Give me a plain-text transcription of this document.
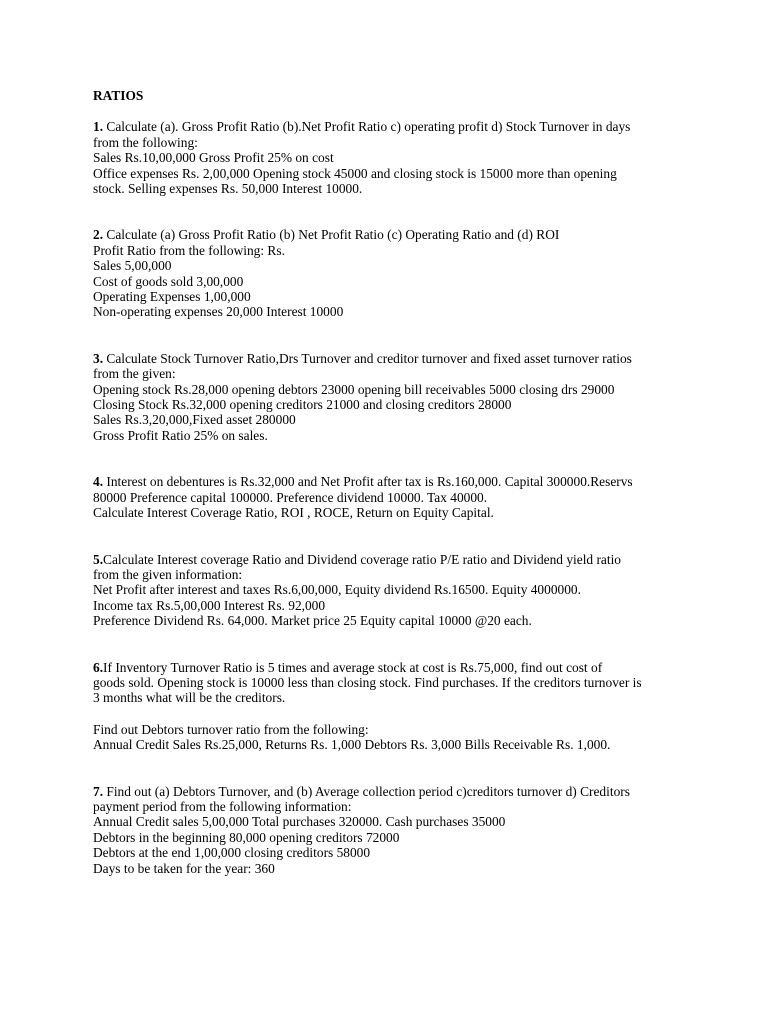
RATIOS

1. Calculate (a). Gross Profit Ratio (b).Net Profit Ratio c) operating profit d) Stock Turnover in days
from the following:
Sales Rs.10,00,000 Gross Profit 25% on cost
Office expenses Rs. 2,00,000 Opening stock 45000 and closing stock is 15000 more than opening
stock. Selling expenses Rs. 50,000 Interest 10000.
2. Calculate (a) Gross Profit Ratio (b) Net Profit Ratio (c) Operating Ratio and (d) ROI
Profit Ratio from the following: Rs.
Sales 5,00,000
Cost of goods sold 3,00,000
Operating Expenses 1,00,000
Non-operating expenses 20,000 Interest 10000
3. Calculate Stock Turnover Ratio,Drs Turnover and creditor turnover and fixed asset turnover ratios
from the given:
Opening stock Rs.28,000 opening debtors 23000 opening bill receivables 5000 closing drs 29000
Closing Stock Rs.32,000 opening creditors 21000 and closing creditors 28000
Sales Rs.3,20,000,Fixed asset 280000
Gross Profit Ratio 25% on sales.
4. Interest on debentures is Rs.32,000 and Net Profit after tax is Rs.160,000. Capital 300000.Reservs
80000 Preference capital 100000. Preference dividend 10000. Tax 40000.
Calculate Interest Coverage Ratio, ROI , ROCE, Return on Equity Capital.
5.Calculate Interest coverage Ratio and Dividend coverage ratio P/E ratio and Dividend yield ratio
from the given information:
Net Profit after interest and taxes Rs.6,00,000, Equity dividend Rs.16500. Equity 4000000.
Income tax Rs.5,00,000 Interest Rs. 92,000
Preference Dividend Rs. 64,000. Market price 25 Equity capital 10000 @20 each.
6.If Inventory Turnover Ratio is 5 times and average stock at cost is Rs.75,000, find out cost of
goods sold. Opening stock is 10000 less than closing stock. Find purchases. If the creditors turnover is
3 months what will be the creditors.
Find out Debtors turnover ratio from the following:
Annual Credit Sales Rs.25,000, Returns Rs. 1,000 Debtors Rs. 3,000 Bills Receivable Rs. 1,000.
7. Find out (a) Debtors Turnover, and (b) Average collection period c)creditors turnover d) Creditors
payment period from the following information:
Annual Credit sales 5,00,000 Total purchases 320000. Cash purchases 35000
Debtors in the beginning 80,000 opening creditors 72000
Debtors at the end 1,00,000 closing creditors 58000
Days to be taken for the year: 360
